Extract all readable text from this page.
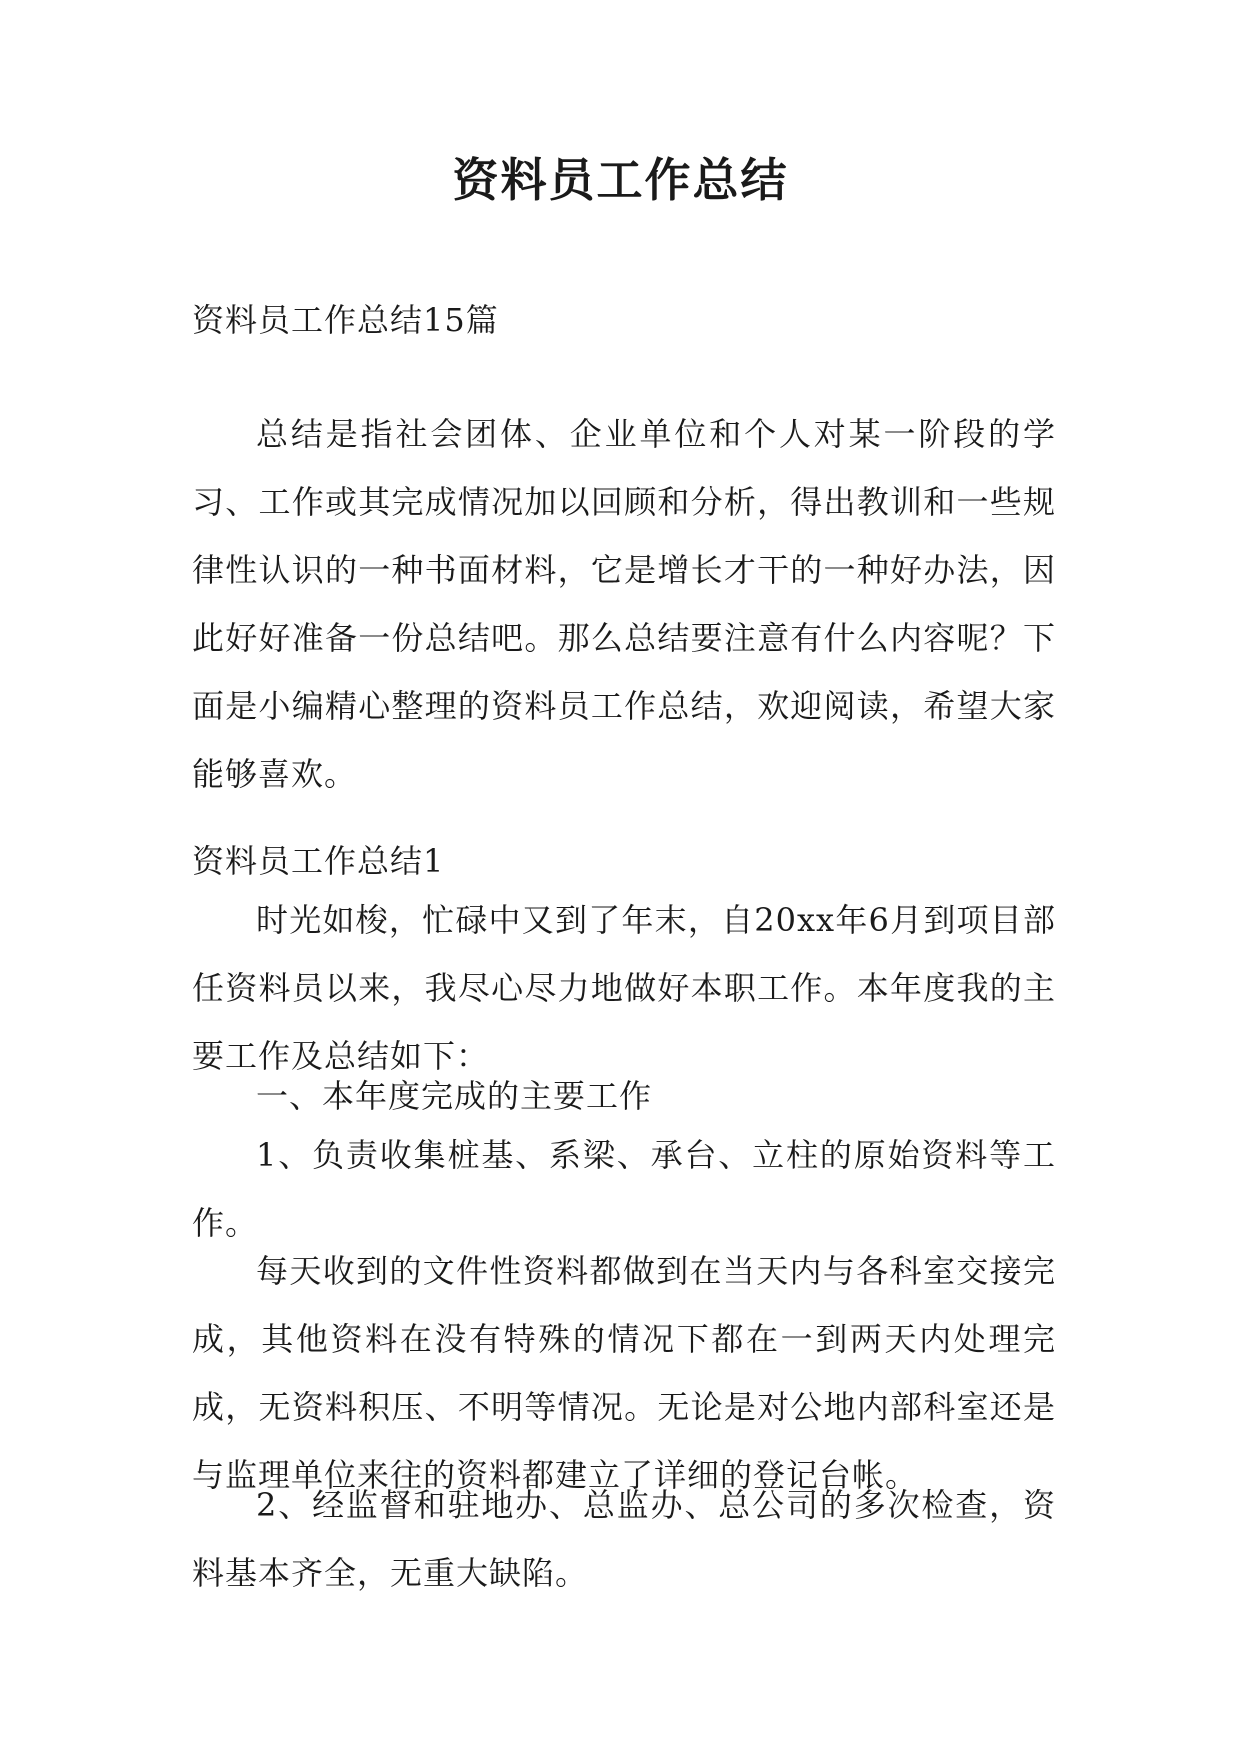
资料员工作总结

资料员工作总结15篇

总结是指社会团体、企业单位和个人对某一阶段的学习、工作或其完成情况加以回顾和分析，得出教训和一些规律性认识的一种书面材料，它是增长才干的一种好办法，因此好好准备一份总结吧。那么总结要注意有什么内容呢？下面是小编精心整理的资料员工作总结，欢迎阅读，希望大家能够喜欢。

资料员工作总结1

时光如梭，忙碌中又到了年末，自20xx年6月到项目部任资料员以来，我尽心尽力地做好本职工作。本年度我的主要工作及总结如下：

一、本年度完成的主要工作

1、负责收集桩基、系梁、承台、立柱的原始资料等工作。

每天收到的文件性资料都做到在当天内与各科室交接完成，其他资料在没有特殊的情况下都在一到两天内处理完成，无资料积压、不明等情况。无论是对公地内部科室还是与监理单位来往的资料都建立了详细的登记台帐。

2、经监督和驻地办、总监办、总公司的多次检查，资料基本齐全，无重大缺陷。
